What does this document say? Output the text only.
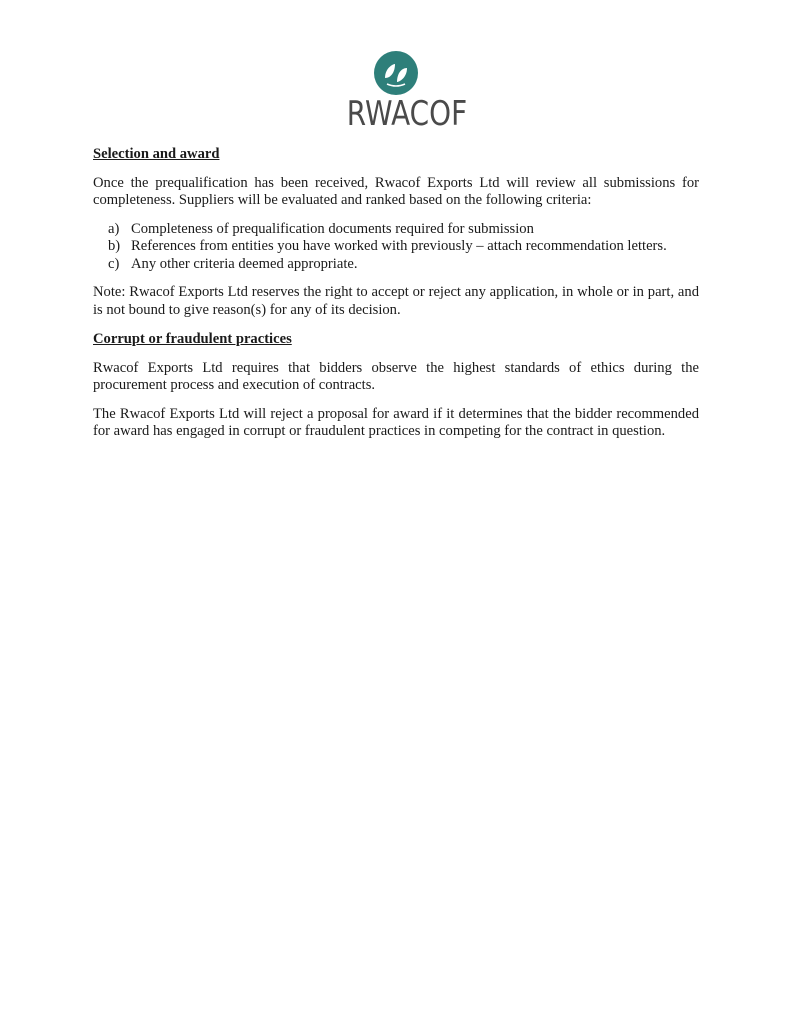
RWACOF

Selection and award

Once the prequalification has been received, Rwacof Exports Ltd will review all submissions for completeness. Suppliers will be evaluated and ranked based on the following criteria:

a) Completeness of prequalification documents required for submission
b) References from entities you have worked with previously – attach recommendation letters.
c) Any other criteria deemed appropriate.

Note: Rwacof Exports Ltd reserves the right to accept or reject any application, in whole or in part, and is not bound to give reason(s) for any of its decision.

Corrupt or fraudulent practices

Rwacof Exports Ltd requires that bidders observe the highest standards of ethics during the procurement process and execution of contracts.

The Rwacof Exports Ltd will reject a proposal for award if it determines that the bidder recommended for award has engaged in corrupt or fraudulent practices in competing for the contract in question.
